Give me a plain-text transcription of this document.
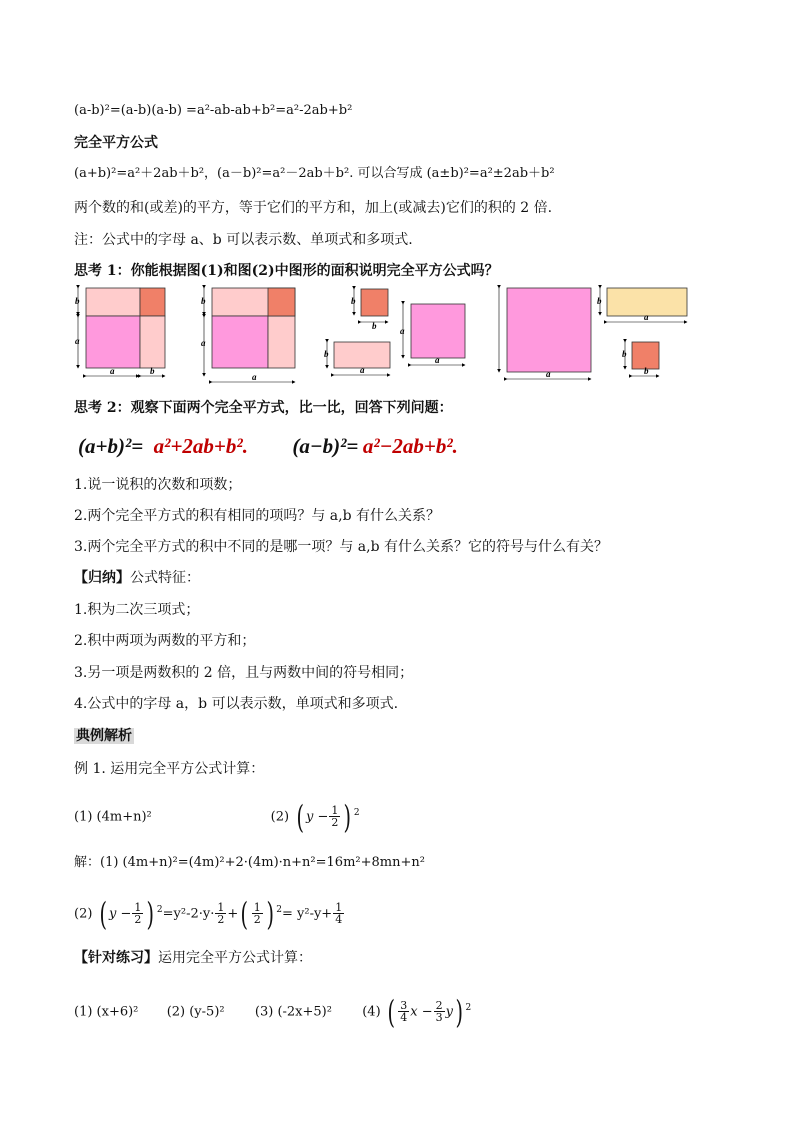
(a-b)²=(a-b)(a-b) =a²-ab-ab+b²=a²-2ab+b²
完全平方公式
(a+b)²=a²＋2ab＋b²，(a－b)²=a²－2ab＋b². 可以合写成 (a±b)²=a²±2ab＋b²
两个数的和(或差)的平方，等于它们的平方和，加上(或减去)它们的积的 2 倍.
注：公式中的字母 a、b 可以表示数、单项式和多项式.
思考 1：你能根据图(1)和图(2)中图形的面积说明完全平方公式吗？
b
a
a	b
b
a
a
b
b
b
a
a
a
a
b
a
b
b
思考 2：观察下面两个完全平方式，比一比，回答下列问题：
(a+b)²= a²+2ab+b². (a−b)²= a²−2ab+b².
1.说一说积的次数和项数；
2.两个完全平方式的积有相同的项吗？与 a,b 有什么关系？
3.两个完全平方式的积中不同的是哪一项？与 a,b 有什么关系？它的符号与什么有关？
【归纳】公式特征：
1.积为二次三项式；
2.积中两项为两数的平方和；
3.另一项是两数积的 2 倍，且与两数中间的符号相同；
4.公式中的字母 a，b 可以表示数，单项式和多项式.
典例解析
例 1. 运用完全平方公式计算：
(1) (4m+n)²	(2) ( $y - \frac{1}{2}$ ) $^2$
解：(1) (4m+n)²=(4m)²+2·(4m)·n+n²=16m²+8mn+n²
(2) ( $y - \frac{1}{2}$ ) $^2=y^2-2\cdot y\cdot \frac{1}{2}$ +( $\frac{1}{2}$ ) $^2= y^2-y+ \frac{1}{4}$
【针对练习】运用完全平方公式计算：
(1) (x+6)² (2) (y-5)² (3) (-2x+5)² (4) ( $\frac{3}{4}$ $x - \frac{2}{3} y$) $^2$
